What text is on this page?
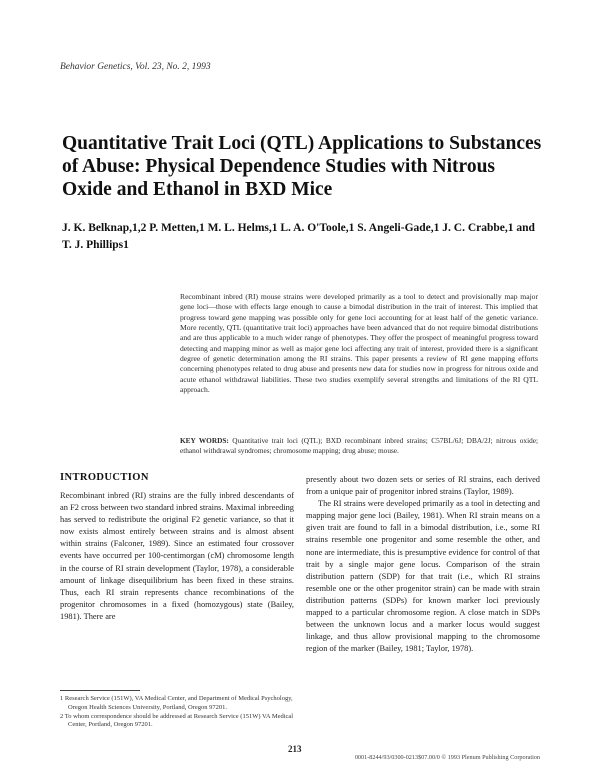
Behavior Genetics, Vol. 23, No. 2, 1993
Quantitative Trait Loci (QTL) Applications to Substances of Abuse: Physical Dependence Studies with Nitrous Oxide and Ethanol in BXD Mice
J. K. Belknap,1,2 P. Metten,1 M. L. Helms,1 L. A. O'Toole,1 S. Angeli-Gade,1 J. C. Crabbe,1 and T. J. Phillips1
Recombinant inbred (RI) mouse strains were developed primarily as a tool to detect and provisionally map major gene loci—those with effects large enough to cause a bimodal distribution in the trait of interest. This implied that progress toward gene mapping was possible only for gene loci accounting for at least half of the genetic variance. More recently, QTL (quantitative trait loci) approaches have been advanced that do not require bimodal distributions and are thus applicable to a much wider range of phenotypes. They offer the prospect of meaningful progress toward detecting and mapping minor as well as major gene loci affecting any trait of interest, provided there is a significant degree of genetic determination among the RI strains. This paper presents a review of RI gene mapping efforts concerning phenotypes related to drug abuse and presents new data for studies now in progress for nitrous oxide and acute ethanol withdrawal liabilities. These two studies exemplify several strengths and limitations of the RI QTL approach.
KEY WORDS: Quantitative trait loci (QTL); BXD recombinant inbred strains; C57BL/6J; DBA/2J; nitrous oxide; ethanol withdrawal syndromes; chromosome mapping; drug abuse; mouse.
INTRODUCTION
Recombinant inbred (RI) strains are the fully inbred descendants of an F2 cross between two standard inbred strains. Maximal inbreeding has served to redistribute the original F2 genetic variance, so that it now exists almost entirely between strains and is almost absent within strains (Falconer, 1989). Since an estimated four crossover events have occurred per 100-centimorgan (cM) chromosome length in the course of RI strain development (Taylor, 1978), a considerable amount of linkage disequilibrium has been fixed in these strains. Thus, each RI strain represents chance recombinations of the progenitor chromosomes in a fixed (homozygous) state (Bailey, 1981). There are

presently about two dozen sets or series of RI strains, each derived from a unique pair of progenitor inbred strains (Taylor, 1989).

The RI strains were developed primarily as a tool in detecting and mapping major gene loci (Bailey, 1981). When RI strain means on a given trait are found to fall in a bimodal distribution, i.e., some RI strains resemble one progenitor and some resemble the other, and none are intermediate, this is presumptive evidence for control of that trait by a single major gene locus. Comparison of the strain distribution pattern (SDP) for that trait (i.e., which RI strains resemble one or the other progenitor strain) can be made with strain distribution patterns (SDPs) for known marker loci previously mapped to a particular chromosome region. A close match in SDPs between the unknown locus and a marker locus would suggest linkage, and thus allow provisional mapping to the chromosome region of the marker (Bailey, 1981; Taylor, 1978).

1 Research Service (151W), VA Medical Center, and Department of Medical Psychology, Oregon Health Sciences University, Portland, Oregon 97201.

2 To whom correspondence should be addressed at Research Service (151W) VA Medical Center, Portland, Oregon 97201.

213
0001-8244/93/0300-0213$07.00/0 © 1993 Plenum Publishing Corporation
